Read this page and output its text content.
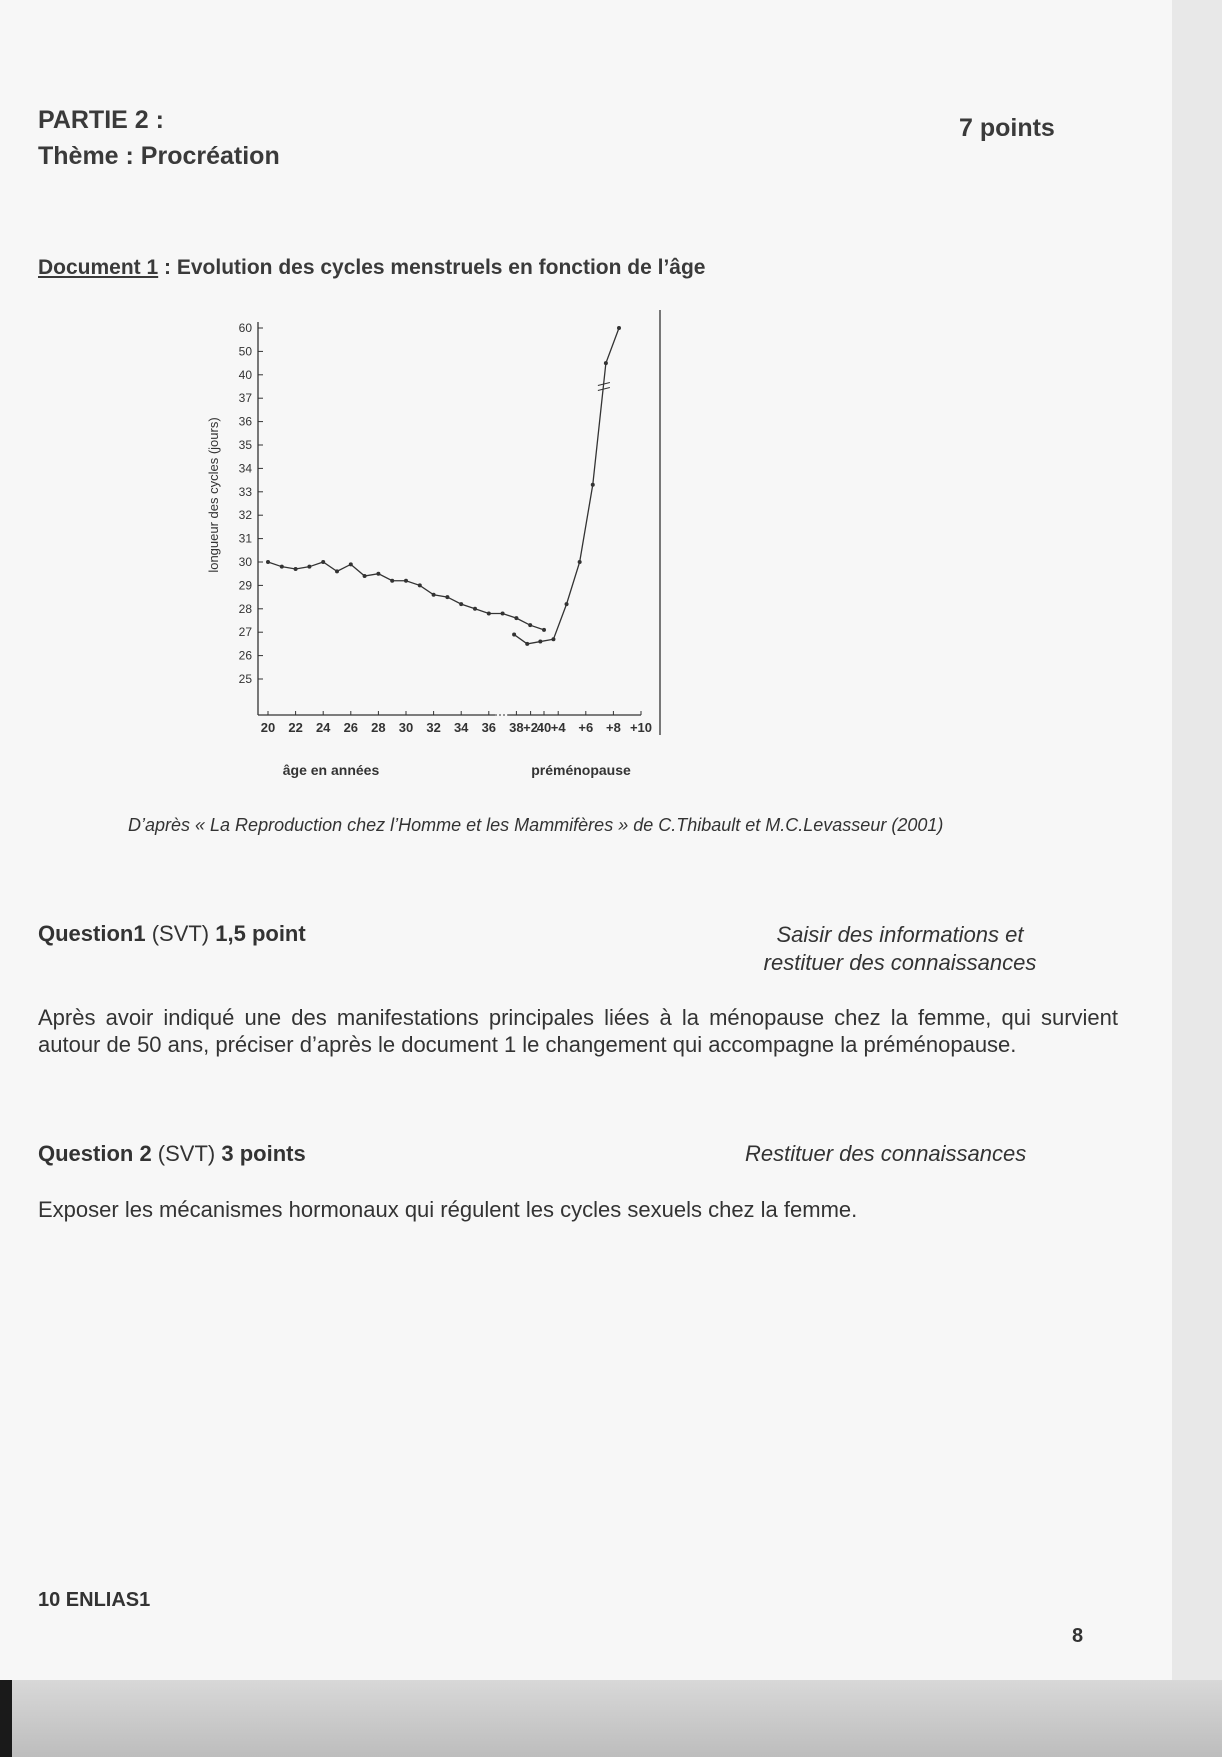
PARTIE 2 :
Thème : Procréation
7 points
Document 1 : Evolution des cycles menstruels en fonction de l’âge
60
50
40
37
36
35
34
33
32
31
30
29
28
27
26
25
20 22 24 26 28 30 32 34 36 38 40
+2 +4 +6 +8 +10
longueur des cycles (jours)
âge en années	préménopause
D’après « La Reproduction chez l’Homme et les Mammifères » de C.Thibault et M.C.Levasseur (2001)
Question1 (SVT) 1,5 point	Saisir des informations et restituer des connaissances
Après avoir indiqué une des manifestations principales liées à la ménopause chez la femme, qui survient autour de 50 ans, préciser d’après le document 1 le changement qui accompagne la préménopause.
Question 2 (SVT) 3 points	Restituer des connaissances
Exposer les mécanismes hormonaux qui régulent les cycles sexuels chez la femme.
10 ENLIAS1
8
